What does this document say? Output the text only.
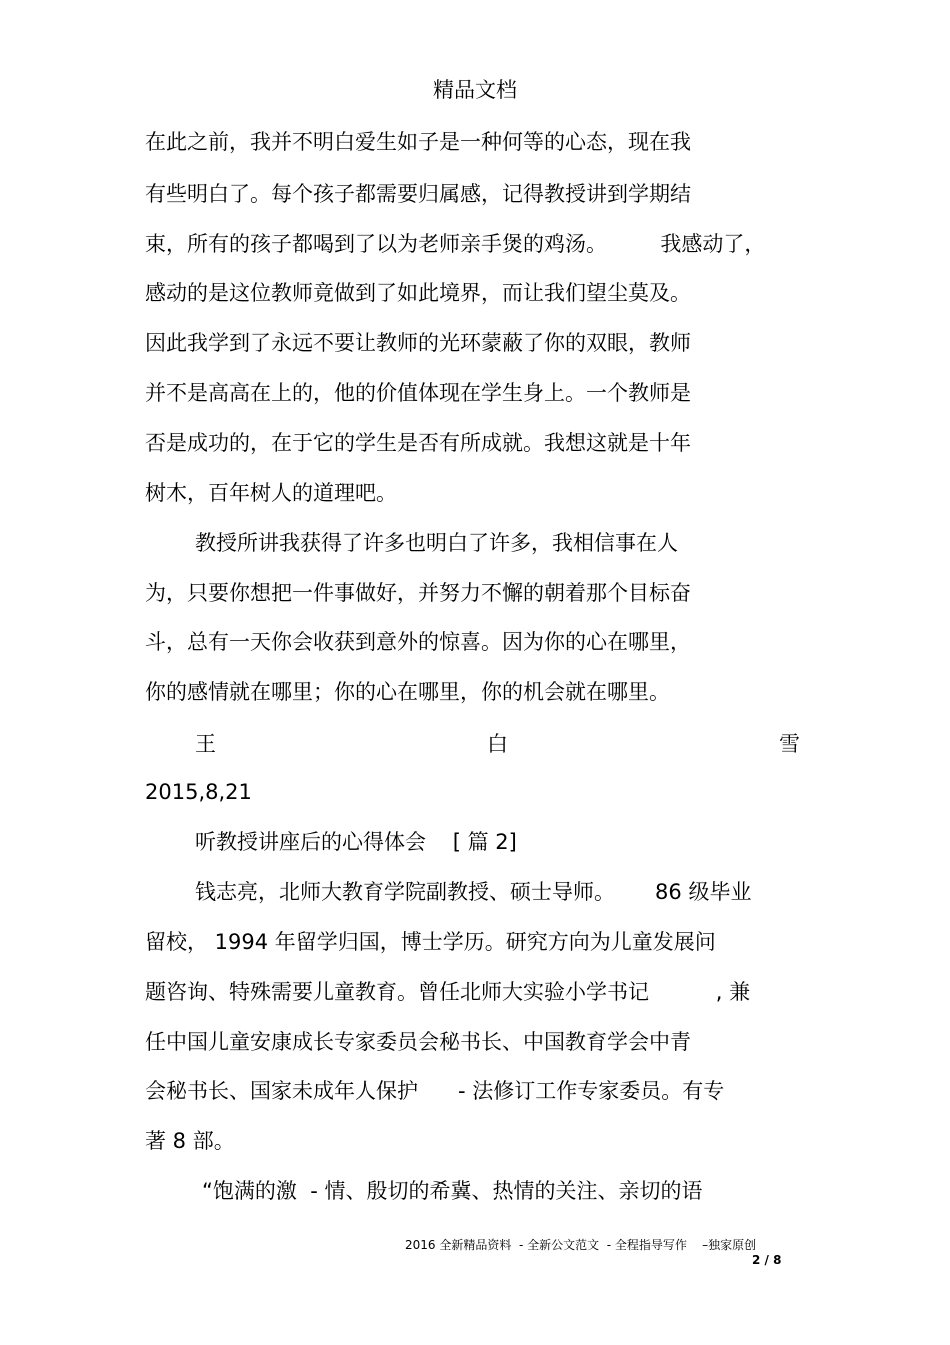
精品文档
在此之前，我并不明白爱生如子是一种何等的心态，现在我
有些明白了。每个孩子都需要归属感，记得教授讲到学期结
束，所有的孩子都喝到了以为老师亲手煲的鸡汤。        我感动了，
感动的是这位教师竟做到了如此境界，而让我们望尘莫及。
因此我学到了永远不要让教师的光环蒙蔽了你的双眼，教师
并不是高高在上的，他的价值体现在学生身上。一个教师是
否是成功的，在于它的学生是否有所成就。我想这就是十年
树木，百年树人的道理吧。
教授所讲我获得了许多也明白了许多，我相信事在人
为，只要你想把一件事做好，并努力不懈的朝着那个目标奋
斗，总有一天你会收获到意外的惊喜。因为你的心在哪里，
你的感情就在哪里；你的心在哪里，你的机会就在哪里。
王	白	雪
2015,8,21
听教授讲座后的心得体会    [ 篇 2]
钱志亮，北师大教育学院副教授、硕士导师。      86 级毕业
留校， 1994 年留学归国，博士学历。研究方向为儿童发展问
题咨询、特殊需要儿童教育。曾任北师大实验小学书记          , 兼
任中国儿童安康成长专家委员会秘书长、中国教育学会中青
会秘书长、国家未成年人保护      - 法修订工作专家委员。有专
著 8 部。
“饱满的激  - 情、殷切的希冀、热情的关注、亲切的语
2016 全新精品资料  - 全新公文范文  - 全程指导写作    –独家原创
2 / 8
